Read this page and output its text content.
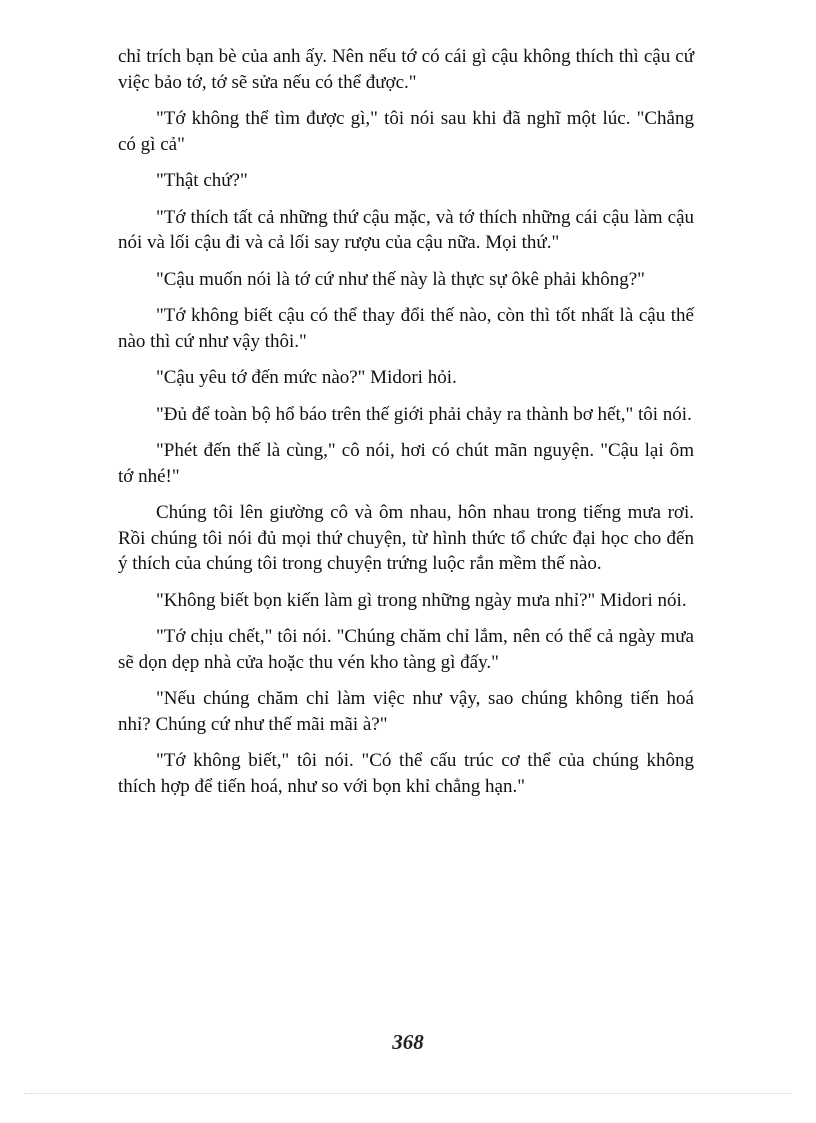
chỉ trích bạn bè của anh ấy. Nên nếu tớ có cái gì cậu không thích thì cậu cứ việc bảo tớ, tớ sẽ sửa nếu có thể được."

"Tớ không thể tìm được gì," tôi nói sau khi đã nghĩ một lúc. "Chẳng có gì cả"

"Thật chứ?"

"Tớ thích tất cả những thứ cậu mặc, và tớ thích những cái cậu làm cậu nói và lối cậu đi và cả lối say rượu của cậu nữa. Mọi thứ."

"Cậu muốn nói là tớ cứ như thế này là thực sự ôkê phải không?"

"Tớ không biết cậu có thể thay đổi thế nào, còn thì tốt nhất là cậu thế nào thì cứ như vậy thôi."

"Cậu yêu tớ đến mức nào?" Midori hỏi.

"Đủ để toàn bộ hổ báo trên thế giới phải chảy ra thành bơ hết," tôi nói.

"Phét đến thế là cùng," cô nói, hơi có chút mãn nguyện. "Cậu lại ôm tớ nhé!"

Chúng tôi lên giường cô và ôm nhau, hôn nhau trong tiếng mưa rơi. Rồi chúng tôi nói đủ mọi thứ chuyện, từ hình thức tổ chức đại học cho đến ý thích của chúng tôi trong chuyện trứng luộc rắn mềm thế nào.

"Không biết bọn kiến làm gì trong những ngày mưa nhỉ?" Midori nói.

"Tớ chịu chết," tôi nói. "Chúng chăm chỉ lắm, nên có thể cả ngày mưa sẽ dọn dẹp nhà cửa hoặc thu vén kho tàng gì đấy."

"Nếu chúng chăm chỉ làm việc như vậy, sao chúng không tiến hoá nhỉ? Chúng cứ như thế mãi mãi à?"

"Tớ không biết," tôi nói. "Có thể cấu trúc cơ thể của chúng không thích hợp để tiến hoá, như so với bọn khỉ chẳng hạn."

368
